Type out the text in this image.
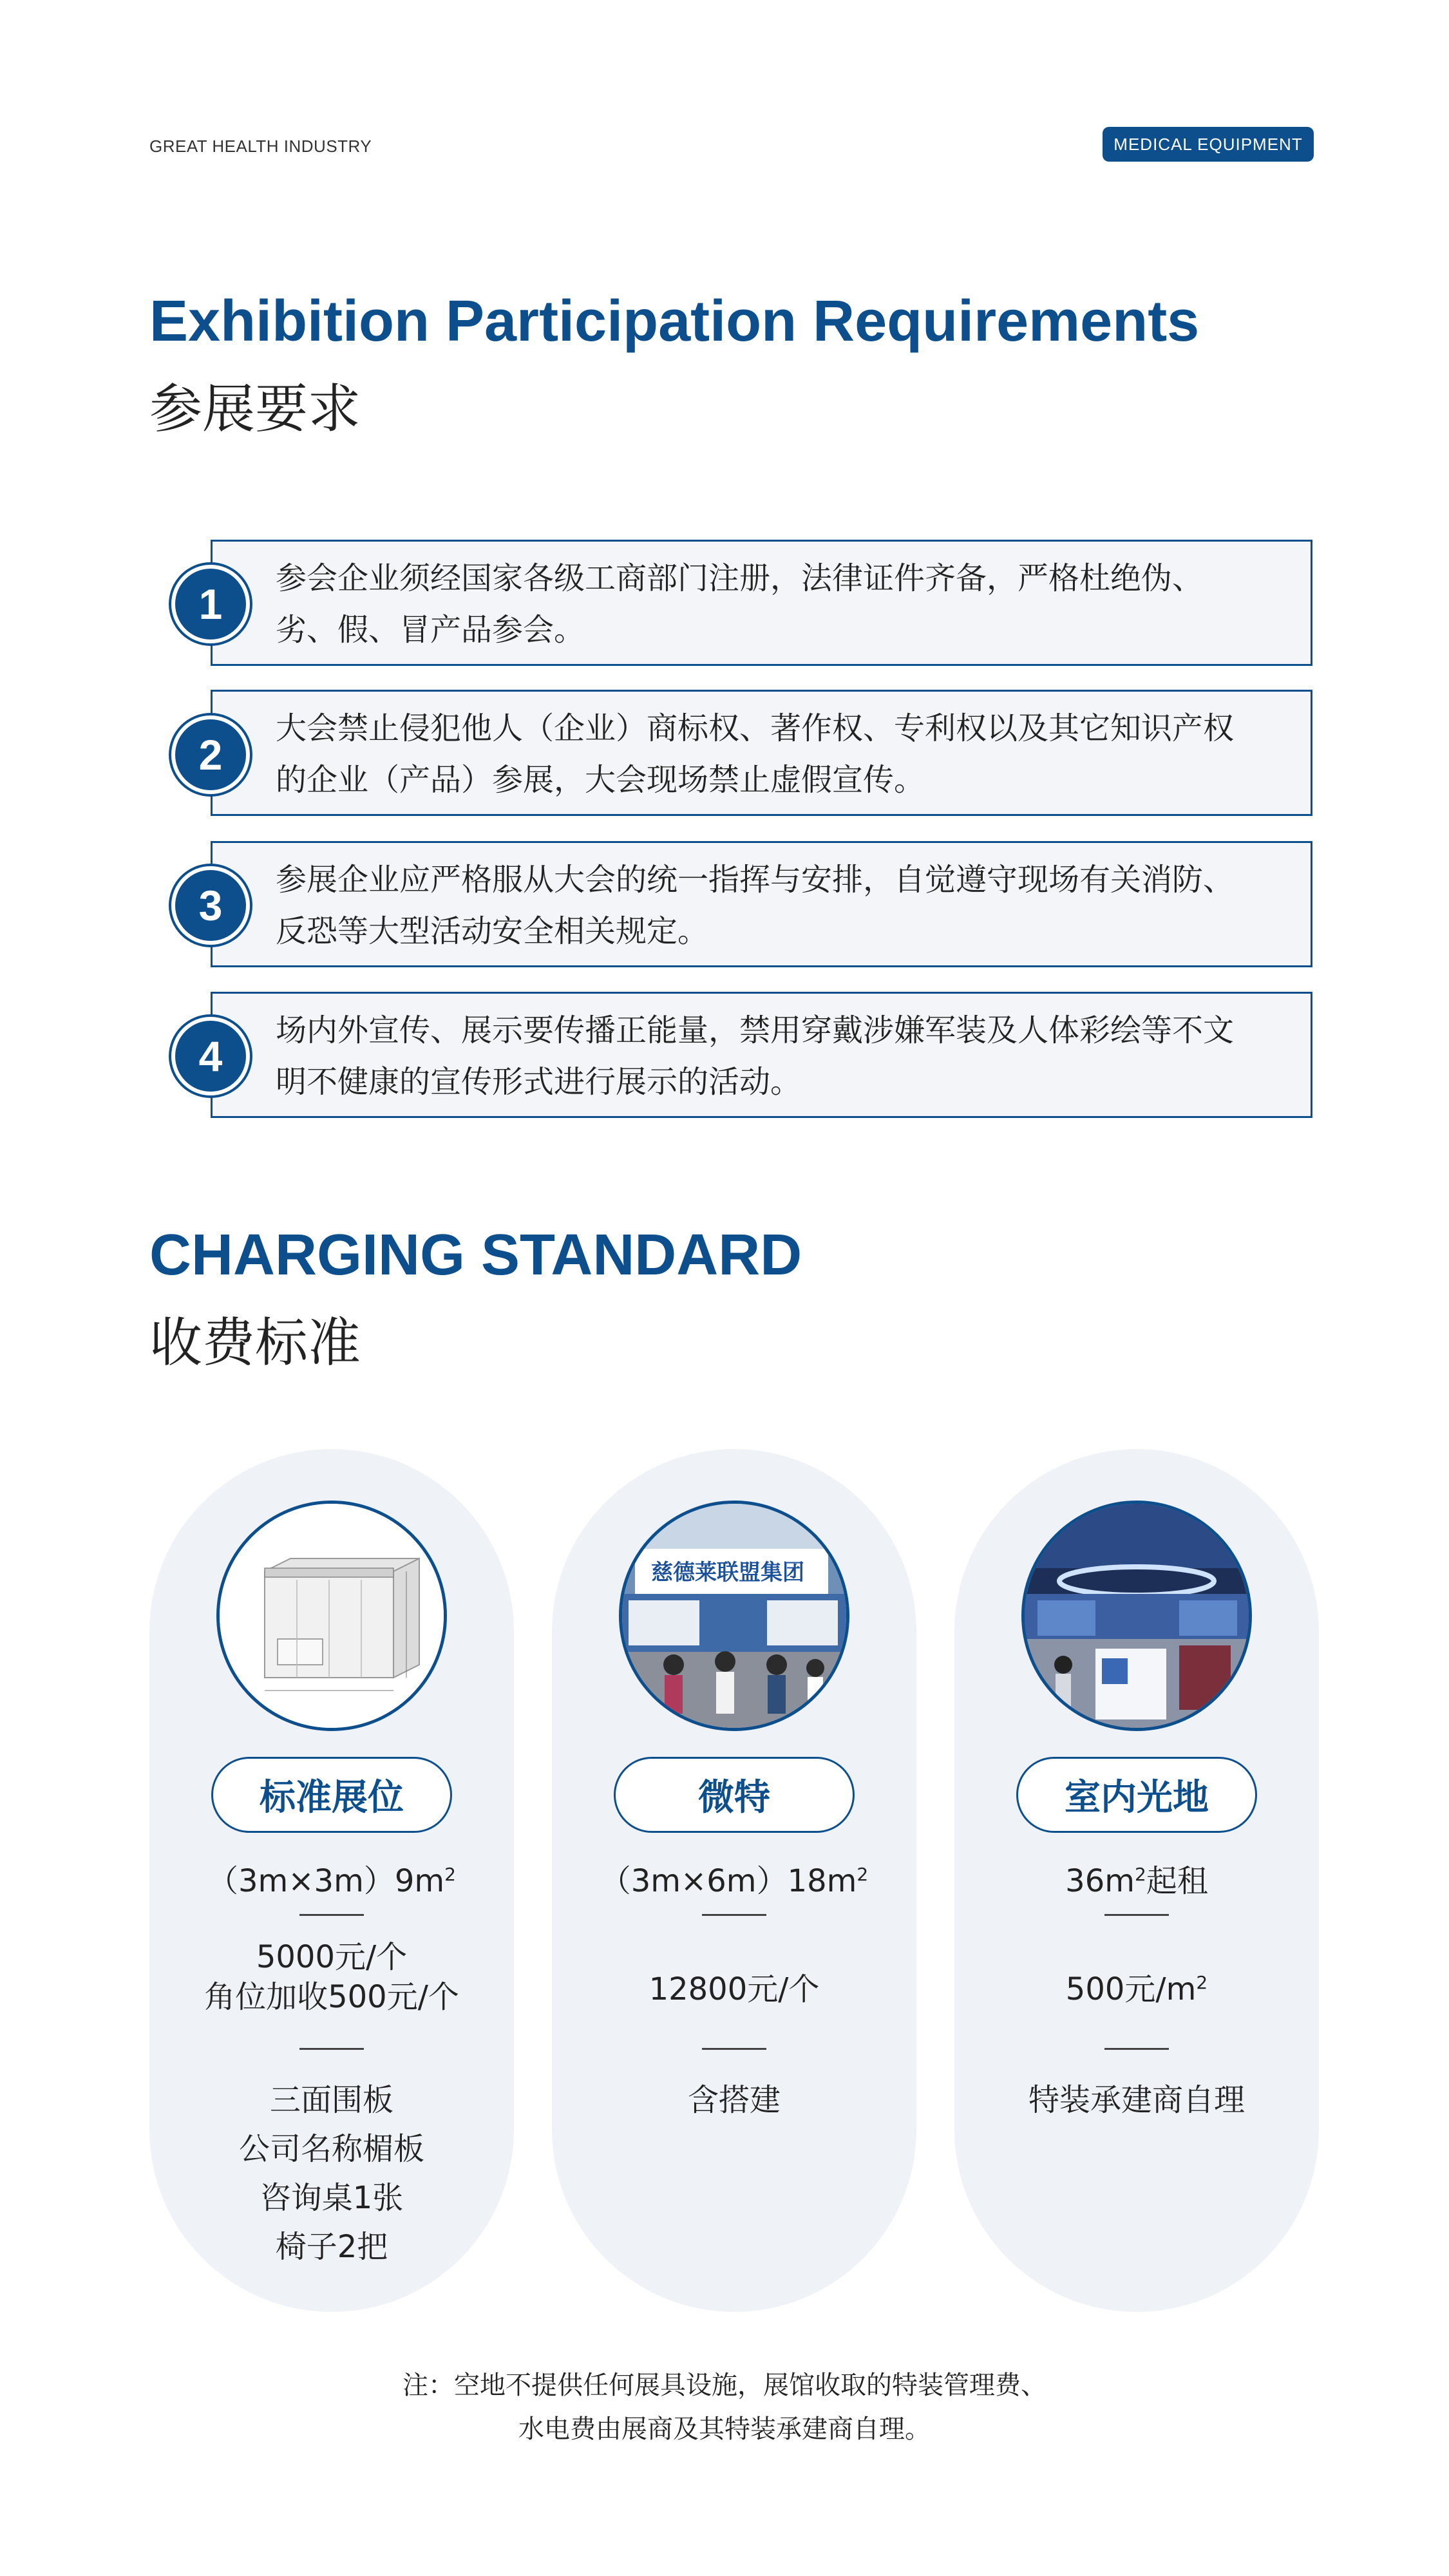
GREAT HEALTH INDUSTRY	MEDICAL EQUIPMENT
Exhibition Participation Requirements
参展要求
参会企业须经国家各级工商部门注册，法律证件齐备，严格杜绝伪、
劣、假、冒产品参会。
1
大会禁止侵犯他人（企业）商标权、著作权、专利权以及其它知识产权
的企业（产品）参展，大会现场禁止虚假宣传。
2
参展企业应严格服从大会的统一指挥与安排，自觉遵守现场有关消防、
反恐等大型活动安全相关规定。
3
场内外宣传、展示要传播正能量，禁用穿戴涉嫌军装及人体彩绘等不文
明不健康的宣传形式进行展示的活动。
4
CHARGING STANDARD
收费标准
标准展位
$(3m\times 3m)9m^2$
5000元/个
角位加收500元/个
三面围板
公司名称楣板
咨询桌1张
椅子2把
慈德莱联盟集团
微特
$(3m\times 6m)18m^2$
12800元/个
含搭建
室内光地
$36m^2$起租
500元$/m^2$
特装承建商自理
注：空地不提供任何展具设施，展馆收取的特装管理费、
水电费由展商及其特装承建商自理。
